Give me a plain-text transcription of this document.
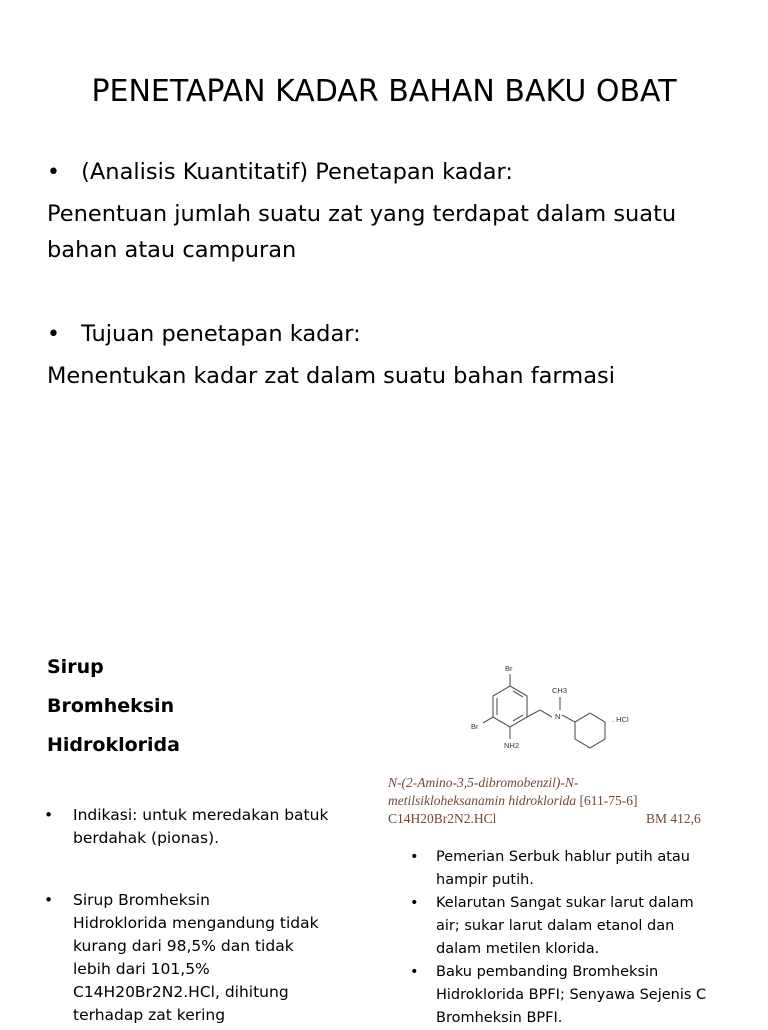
PENETAPAN KADAR BAHAN BAKU OBAT
• (Analisis Kuantitatif) Penetapan kadar:
Penentuan jumlah suatu zat yang terdapat dalam suatu
bahan atau campuran
• Tujuan penetapan kadar:
Menentukan kadar zat dalam suatu bahan farmasi
Sirup
Bromheksin
Hidroklorida
•	Indikasi: untuk meredakan batuk
berdahak (pionas).
•	Sirup Bromheksin
Hidroklorida mengandung tidak
kurang dari 98,5% dan tidak
lebih dari 101,5%
C14H20Br2N2.HCl, dihitung
terhadap zat kering
Br
Br
CH3
N
NH2
. HCl
N-(2-Amino-3,5-dibromobenzil)-N-
metilsikloheksanamin hidroklorida [611-75-6]
C14H20Br2N2.HCl	BM 412,6
•	Pemerian Serbuk hablur putih atau
hampir putih.
•	Kelarutan Sangat sukar larut dalam
air; sukar larut dalam etanol dan
dalam metilen klorida.
•	Baku pembanding Bromheksin
Hidroklorida BPFI; Senyawa Sejenis C
Bromheksin BPFI.
